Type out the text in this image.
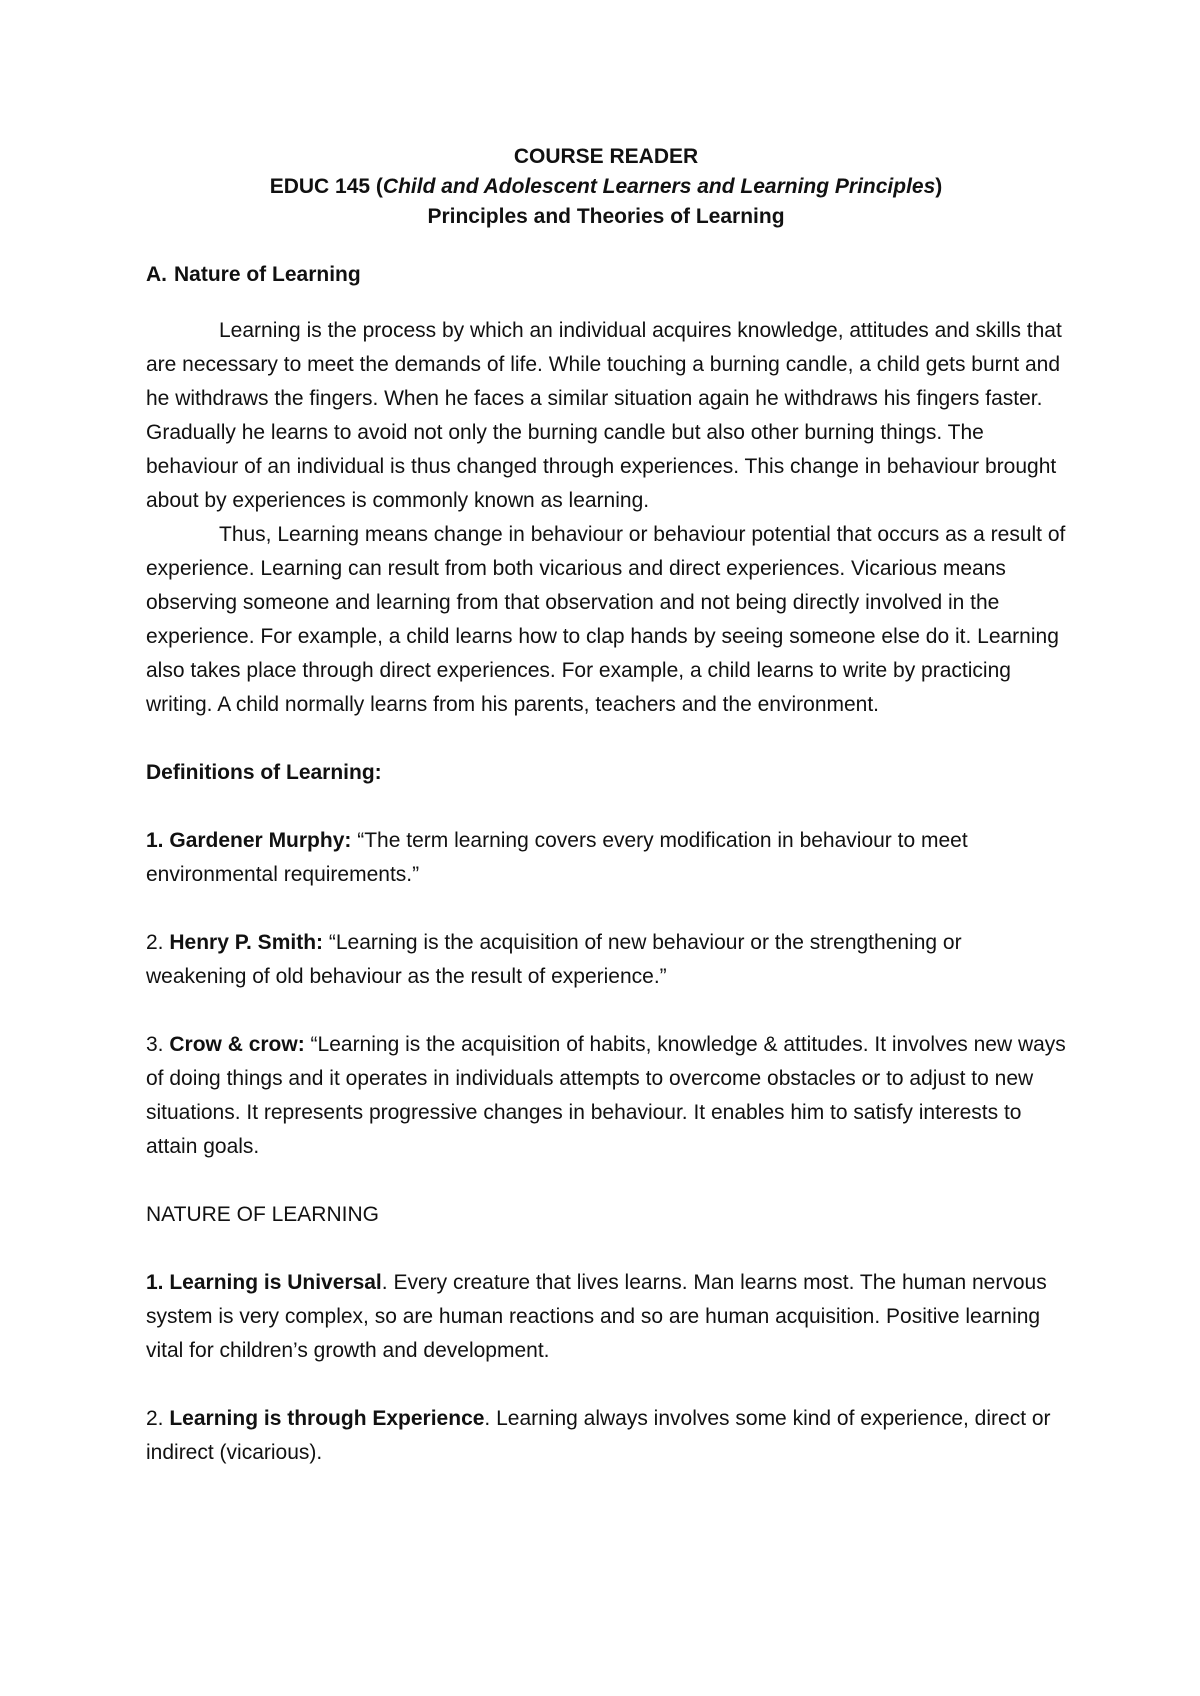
COURSE READER

EDUC 145 (Child and Adolescent Learners and Learning Principles)

Principles and Theories of Learning

A. Nature of Learning

Learning is the process by which an individual acquires knowledge, attitudes and skills that are necessary to meet the demands of life. While touching a burning candle, a child gets burnt and he withdraws the fingers. When he faces a similar situation again he withdraws his fingers faster. Gradually he learns to avoid not only the burning candle but also other burning things. The behaviour of an individual is thus changed through experiences. This change in behaviour brought about by experiences is commonly known as learning.

Thus, Learning means change in behaviour or behaviour potential that occurs as a result of experience. Learning can result from both vicarious and direct experiences. Vicarious means observing someone and learning from that observation and not being directly involved in the experience. For example, a child learns how to clap hands by seeing someone else do it. Learning also takes place through direct experiences. For example, a child learns to write by practicing writing. A child normally learns from his parents, teachers and the environment.

Definitions of Learning:

1. Gardener Murphy: “The term learning covers every modification in behaviour to meet environmental requirements.”

2. Henry P. Smith: “Learning is the acquisition of new behaviour or the strengthening or weakening of old behaviour as the result of experience.”

3. Crow & crow: “Learning is the acquisition of habits, knowledge & attitudes. It involves new ways of doing things and it operates in individuals attempts to overcome obstacles or to adjust to new situations. It represents progressive changes in behaviour. It enables him to satisfy interests to attain goals.

NATURE OF LEARNING

1. Learning is Universal. Every creature that lives learns. Man learns most. The human nervous system is very complex, so are human reactions and so are human acquisition. Positive learning vital for children’s growth and development.

2. Learning is through Experience. Learning always involves some kind of experience, direct or indirect (vicarious).
